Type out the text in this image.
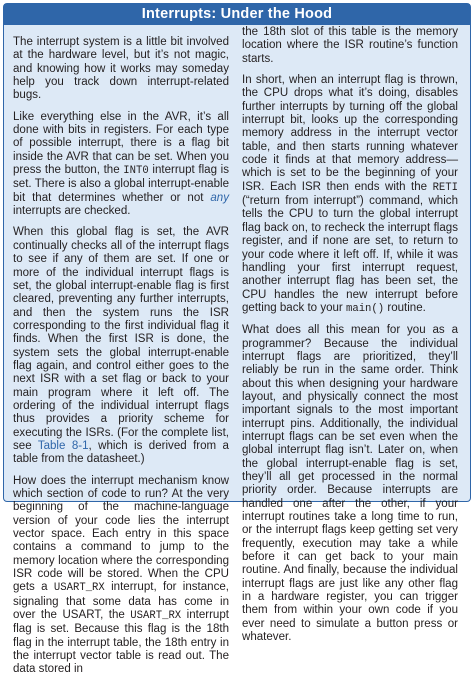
Interrupts: Under the Hood

The interrupt system is a little bit involved at the hardware level, but it’s not magic, and knowing how it works may someday help you track down interrupt-related bugs.

Like everything else in the AVR, it’s all done with bits in registers. For each type of possible interrupt, there is a flag bit inside the AVR that can be set. When you press the button, the INT0 interrupt flag is set. There is also a global interrupt-enable bit that determines whether or not any interrupts are checked.

When this global flag is set, the AVR continually checks all of the interrupt flags to see if any of them are set. If one or more of the individual interrupt flags is set, the global interrupt-enable flag is first cleared, preventing any further interrupts, and then the system runs the ISR corresponding to the first individual flag it finds. When the first ISR is done, the system sets the global interrupt-enable flag again, and control either goes to the next ISR with a set flag or back to your main program where it left off. The ordering of the individual interrupt flags thus provides a priority scheme for executing the ISRs. (For the complete list, see Table 8-1, which is derived from a table from the datasheet.)

How does the interrupt mechanism know which section of code to run? At the very beginning of the machine-language version of your code lies the interrupt vector space. Each entry in this space contains a command to jump to the memory location where the corresponding ISR code will be stored. When the CPU gets a USART_RX interrupt, for instance, signaling that some data has come in over the USART, the USART_RX interrupt flag is set. Because this flag is the 18th flag in the interrupt table, the 18th entry in the interrupt vector table is read out. The data stored in

the 18th slot of this table is the memory location where the ISR routine’s function starts.

In short, when an interrupt flag is thrown, the CPU drops what it’s doing, disables further interrupts by turning off the global interrupt bit, looks up the corresponding memory address in the interrupt vector table, and then starts running whatever code it finds at that memory address—which is set to be the beginning of your ISR. Each ISR then ends with the RETI (“return from interrupt”) command, which tells the CPU to turn the global interrupt flag back on, to recheck the interrupt flags register, and if none are set, to return to your code where it left off. If, while it was handling your first interrupt request, another interrupt flag has been set, the CPU handles the new interrupt before getting back to your main() routine.

What does all this mean for you as a programmer? Because the individual interrupt flags are prioritized, they’ll reliably be run in the same order. Think about this when designing your hardware layout, and physically connect the most important signals to the most important interrupt pins. Additionally, the individual interrupt flags can be set even when the global interrupt flag isn’t. Later on, when the global interrupt-enable flag is set, they’ll all get processed in the normal priority order. Because interrupts are handled one after the other, if your interrupt routines take a long time to run, or the interrupt flags keep getting set very frequently, execution may take a while before it can get back to your main routine. And finally, because the individual interrupt flags are just like any other flag in a hardware register, you can trigger them from within your own code if you ever need to simulate a button press or whatever.
